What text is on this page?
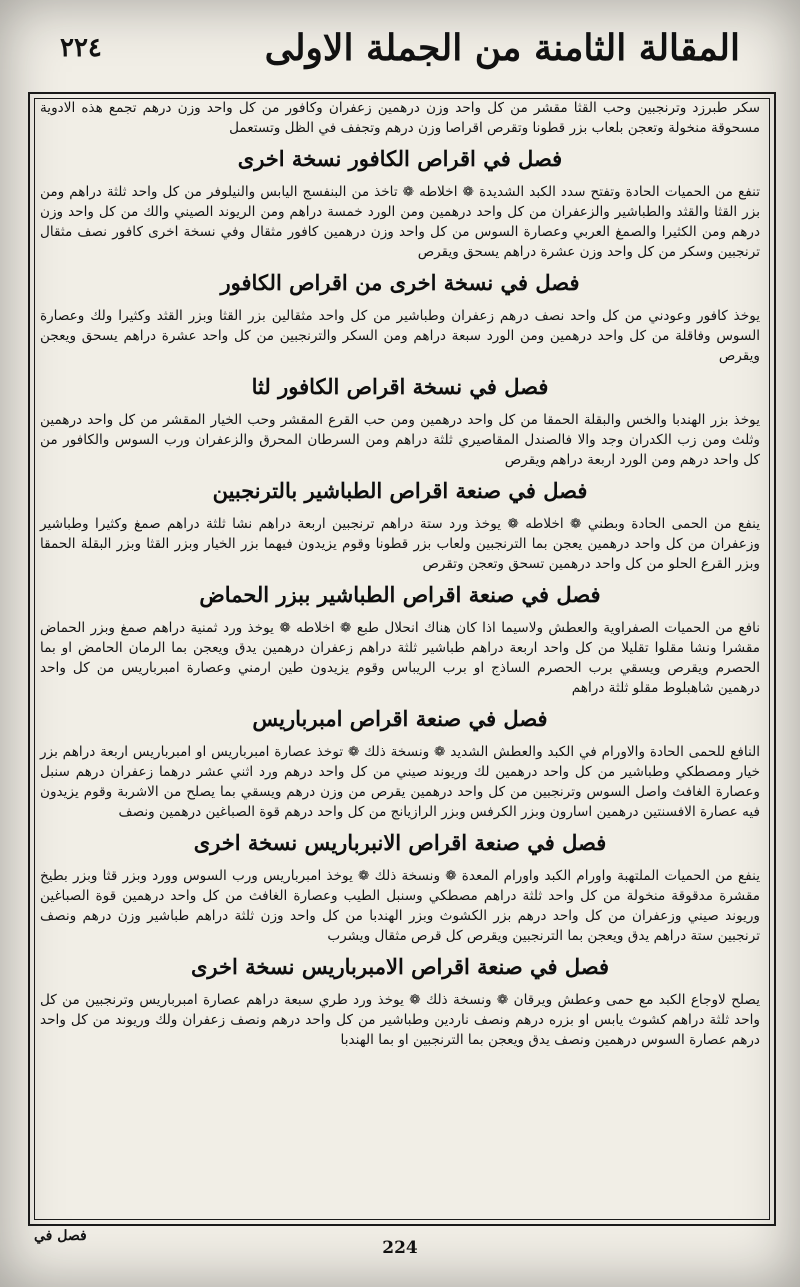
المقالة الثامنة من الجملة الاولى
٢٢٤

سكر طبرزد وترنجبين وحب القثا مقشر من كل واحد وزن درهمين زعفران وكافور من كل واحد وزن درهم تجمع هذه الادوية مسحوقة منخولة وتعجن بلعاب بزر قطونا وتقرص اقراصا وزن درهم وتجفف في الظل وتستعمل

فصل في اقراص الكافور نسخة اخرى

تنفع من الحميات الحادة وتفتح سدد الكبد الشديدة ❁ اخلاطه ❁ تاخذ من البنفسج اليابس والنيلوفر من كل واحد ثلثة دراهم ومن بزر القثا والقثد والطباشير والزعفران من كل واحد درهمين ومن الورد خمسة دراهم ومن الريوند الصيني والك من كل واحد وزن درهم ومن الكثيرا والصمغ العربي وعصارة السوس من كل واحد وزن درهمين كافور مثقال وفي نسخة اخرى كافور نصف مثقال ترنجبين وسكر من كل واحد وزن عشرة دراهم يسحق ويقرص

فصل في نسخة اخرى من اقراص الكافور

يوخذ كافور وعودني من كل واحد نصف درهم زعفران وطباشير من كل واحد مثقالين بزر القثا وبزر القثد وكثيرا ولك وعصارة السوس وفاقلة من كل واحد درهمين ومن الورد سبعة دراهم ومن السكر والترنجبين من كل واحد عشرة دراهم يسحق ويعجن ويقرص

فصل في نسخة اقراص الكافور لثا

يوخذ بزر الهندبا والخس والبقلة الحمقا من كل واحد درهمين ومن حب القرع المقشر وحب الخيار المقشر من كل واحد درهمين وثلث ومن زب الكدران وجد والا فالصندل المقاصيري ثلثة دراهم ومن السرطان المحرق والزعفران ورب السوس والكافور من كل واحد درهم ومن الورد اربعة دراهم ويقرص

فصل في صنعة اقراص الطباشير بالترنجبين

ينفع من الحمى الحادة وبطني ❁ اخلاطه ❁ يوخذ ورد ستة دراهم ترنجبين اربعة دراهم نشا ثلثة دراهم صمغ وكثيرا وطباشير وزعفران من كل واحد درهمين يعجن بما الترنجبين ولعاب بزر قطونا وقوم يزيدون فيهما بزر الخيار وبزر القثا وبزر البقلة الحمقا وبزر القرع الحلو من كل واحد درهمين تسحق وتعجن وتقرص

فصل في صنعة اقراص الطباشير ببزر الحماض

نافع من الحميات الصفراوية والعطش ولاسيما اذا كان هناك انحلال طبع ❁ اخلاطه ❁ يوخذ ورد ثمنية دراهم صمغ وبزر الحماض مقشرا ونشا مقلوا تقليلا من كل واحد اربعة دراهم طباشير ثلثة دراهم زعفران درهمين يدق ويعجن بما الرمان الحامض او بما الحصرم ويقرص ويسقي برب الحصرم الساذج او برب الريباس وقوم يزيدون طين ارمني وعصارة امبرباريس من كل واحد درهمين شاهبلوط مقلو ثلثة دراهم

فصل في صنعة اقراص امبرباريس

النافع للحمى الحادة والاورام في الكبد والعطش الشديد ❁ ونسخة ذلك ❁ توخذ عصارة امبرباريس او امبرباريس اربعة دراهم بزر خيار ومصطكي وطباشير من كل واحد درهمين لك وريوند صيني من كل واحد درهم ورد اثني عشر درهما زعفران درهم سنبل وعصارة الغافث واصل السوس وترنجبين من كل واحد درهمين يقرص من وزن درهم ويسقي بما يصلح من الاشربة وقوم يزيدون فيه عصارة الافسنتين درهمين اسارون وبزر الكرفس وبزر الرازيانج من كل واحد درهم قوة الصباغين درهمين ونصف

فصل في صنعة اقراص الانبرباريس نسخة اخرى

ينفع من الحميات الملتهبة واورام الكبد واورام المعدة ❁ ونسخة ذلك ❁ يوخذ امبرباريس ورب السوس وورد وبزر قثا وبزر بطيخ مقشرة مدقوقة منخولة من كل واحد ثلثة دراهم مصطكي وسنبل الطيب وعصارة الغافث من كل واحد درهمين قوة الصباغين وريوند صيني وزعفران من كل واحد درهم بزر الكشوث وبزر الهندبا من كل واحد وزن ثلثة دراهم طباشير وزن درهم ونصف ترنجبين ستة دراهم يدق ويعجن بما الترنجبين ويقرص كل قرص مثقال ويشرب

فصل في صنعة اقراص الامبرباريس نسخة اخرى

يصلح لاوجاع الكبد مع حمى وعطش ويرقان ❁ ونسخة ذلك ❁ يوخذ ورد طري سبعة دراهم عصارة امبرباريس وترنجبين من كل واحد ثلثة دراهم كشوث يابس او بزره درهم ونصف ناردين وطباشير من كل واحد درهم ونصف زعفران ولك وريوند من كل واحد درهم عصارة السوس درهمين ونصف يدق ويعجن بما الترنجبين او بما الهندبا

فصل في
224
